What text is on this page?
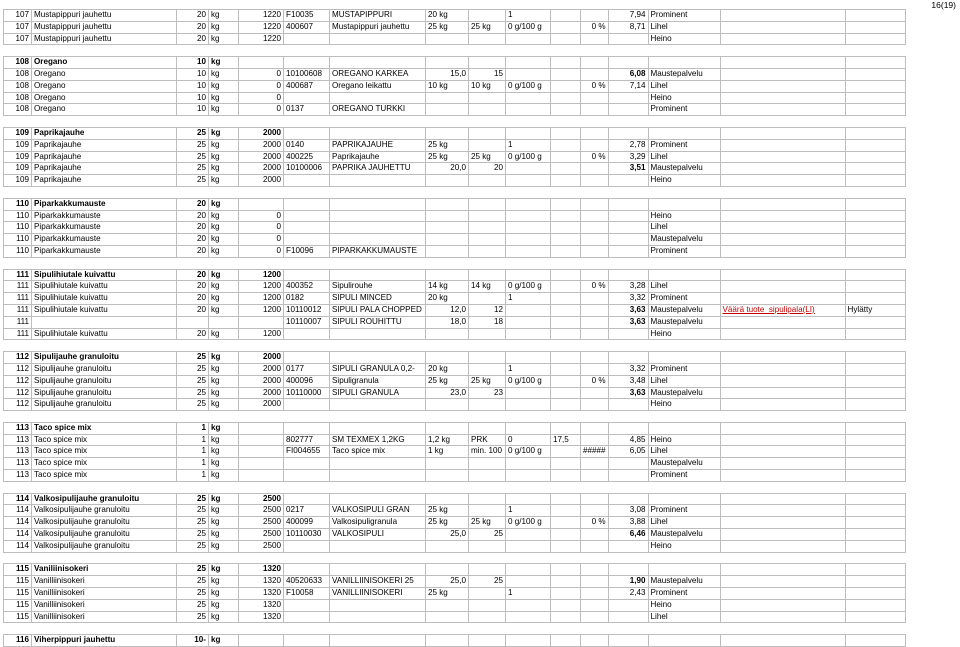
16(19)
107	Mustapippuri jauhettu	20	kg	1220	F10035	MUSTAPIPPURI	20 kg		1			7,94	Prominent		
107	Mustapippuri jauhettu	20	kg	1220	400607	Mustapippuri jauhettu	25 kg	25 kg	0 g/100 g		0 %	8,71	Lihel		
107	Mustapippuri jauhettu	20	kg	1220									Heino		

108	Oregano	10	kg												
108	Oregano	10	kg	0	10100608	OREGANO KARKEA	15,0	15				6,08	Maustepalvelu		
108	Oregano	10	kg	0	400687	Oregano leikattu	10 kg	10 kg	0 g/100 g		0 %	7,14	Lihel		
108	Oregano	10	kg	0									Heino		
108	Oregano	10	kg	0	0137	OREGANO TURKKI							Prominent		

109	Paprikajauhe	25	kg	2000											
109	Paprikajauhe	25	kg	2000	0140	PAPRIKAJAUHE	25 kg		1			2,78	Prominent		
109	Paprikajauhe	25	kg	2000	400225	Paprikajauhe	25 kg	25 kg	0 g/100 g		0 %	3,29	Lihel		
109	Paprikajauhe	25	kg	2000	10100006	PAPRIKA JAUHETTU	20,0	20				3,51	Maustepalvelu		
109	Paprikajauhe	25	kg	2000									Heino		

110	Piparkakkumauste	20	kg												
110	Piparkakkumauste	20	kg	0									Heino		
110	Piparkakkumauste	20	kg	0									Lihel		
110	Piparkakkumauste	20	kg	0									Maustepalvelu		
110	Piparkakkumauste	20	kg	0	F10096	PIPARKAKKUMAUSTE							Prominent		

111	Sipulihiutale kuivattu	20	kg	1200											
111	Sipulihiutale kuivattu	20	kg	1200	400352	Sipulirouhe	14 kg	14 kg	0 g/100 g		0 %	3,28	Lihel		
111	Sipulihiutale kuivattu	20	kg	1200	0182	SIPULI MINCED	20 kg		1			3,32	Prominent		
111	Sipulihiutale kuivattu	20	kg	1200	10110012	SIPULI PALA CHOPPED	12,0	12				3,63	Maustepalvelu	Väärä tuote_sipulipala(LI)	Hylätty
111					10110007	SIPULI ROUHITTU	18,0	18				3,63	Maustepalvelu		
111	Sipulihiutale kuivattu	20	kg	1200									Heino		

112	Sipulijauhe granuloitu	25	kg	2000											
112	Sipulijauhe granuloitu	25	kg	2000	0177	SIPULI GRANULA 0,2-	20 kg		1			3,32	Prominent		
112	Sipulijauhe granuloitu	25	kg	2000	400096	Sipuligranula	25 kg	25 kg	0 g/100 g		0 %	3,48	Lihel		
112	Sipulijauhe granuloitu	25	kg	2000	10110000	SIPULI GRANULA	23,0	23				3,63	Maustepalvelu		
112	Sipulijauhe granuloitu	25	kg	2000									Heino		

113	Taco spice mix	1	kg												
113	Taco spice mix	1	kg		802777	SM TEXMEX 1,2KG	1,2 kg	PRK	0	17,5		4,85	Heino		
113	Taco spice mix	1	kg		FI004655	Taco spice mix	1 kg	min. 100	0 g/100 g		#####	6,05	Lihel		
113	Taco spice mix	1	kg										Maustepalvelu		
113	Taco spice mix	1	kg										Prominent		

114	Valkosipulijauhe granuloitu	25	kg	2500											
114	Valkosipulijauhe granuloitu	25	kg	2500	0217	VALKOSIPULI GRAN	25 kg		1			3,08	Prominent		
114	Valkosipulijauhe granuloitu	25	kg	2500	400099	Valkosipuligranula	25 kg	25 kg	0 g/100 g		0 %	3,88	Lihel		
114	Valkosipulijauhe granuloitu	25	kg	2500	10110030	VALKOSIPULI	25,0	25				6,46	Maustepalvelu		
114	Valkosipulijauhe granuloitu	25	kg	2500									Heino		

115	Vaniliinisokeri	25	kg	1320											
115	Vanilliinisokeri	25	kg	1320	40520633	VANILLIINISOKERI 25	25,0	25				1,90	Maustepalvelu		
115	Vanilliinisokeri	25	kg	1320	F10058	VANILLIINISOKERI	25 kg		1			2,43	Prominent		
115	Vanilliinisokeri	25	kg	1320									Heino		
115	Vanilliinisokeri	25	kg	1320									Lihel		

116	Viherpippuri jauhettu	10-	kg												
